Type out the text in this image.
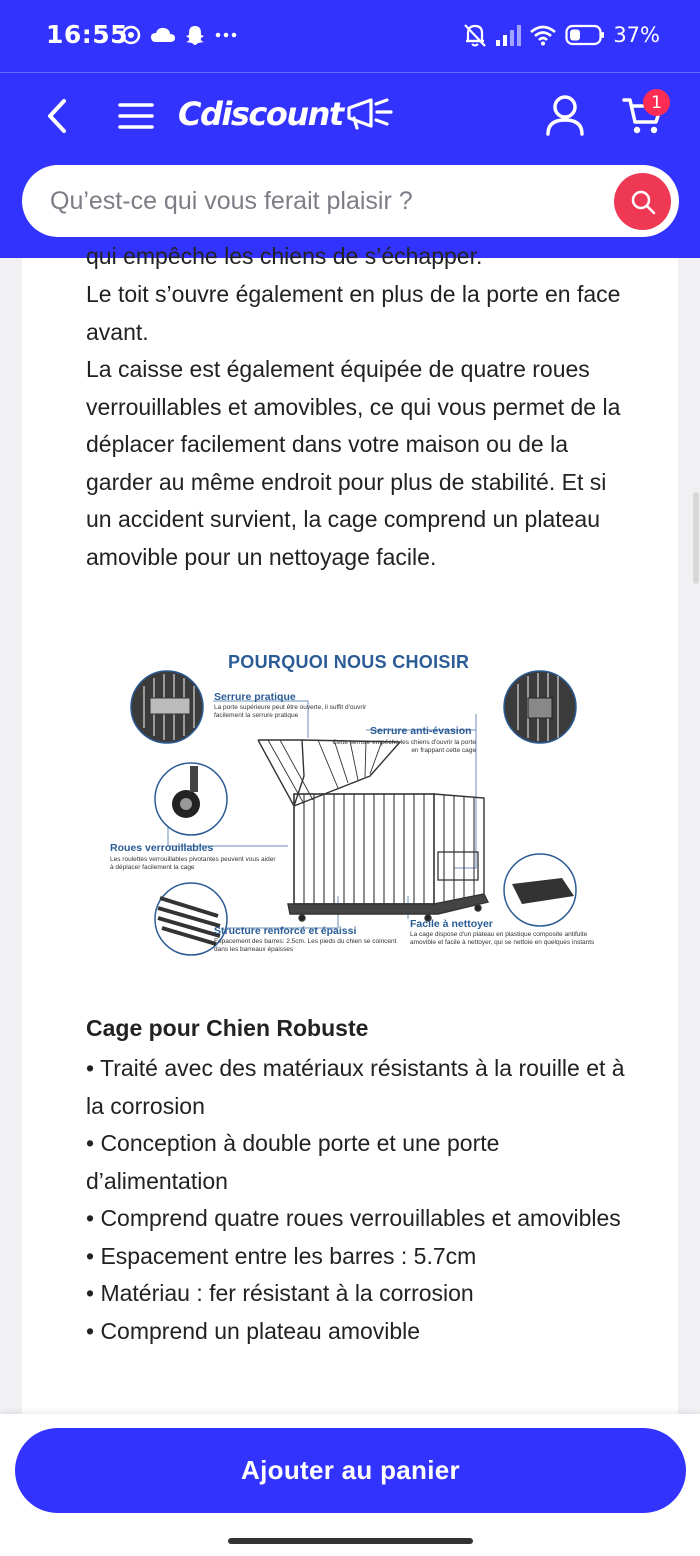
16:55	37%
Cdiscount	1
Qu’est-ce qui vous ferait plaisir ?

qui empêche les chiens de s’échapper.

Le toit s’ouvre également en plus de la porte en face avant.

La caisse est également équipée de quatre roues verrouillables et amovibles, ce qui vous permet de la déplacer facilement dans votre maison ou de la garder au même endroit pour plus de stabilité. Et si un accident survient, la cage comprend un plateau amovible pour un nettoyage facile.

POURQUOI NOUS CHOISIR
Serrure pratique
La porte supérieure peut être ouverte, il suffit d'ouvrir facilement la serrure pratique
Serrure anti-évasion
Cette serrure empêche les chiens d'ouvrir la porte en frappant cette cage
Roues verrouillables
Les roulettes verrouillables pivotantes peuvent vous aider à déplacer facilement la cage
Structure renforcé et épaissi
Espacement des barres: 2.5cm. Les pieds du chien se coincent dans les barreaux épaisses
Facile à nettoyer
La cage dispose d'un plateau en plastique composite antifuite amovible et facile à nettoyer, qui se nettoie en quelques instants
Cage pour Chien Robuste
• Traité avec des matériaux résistants à la rouille et à la corrosion
• Conception à double porte et une porte d’alimentation
• Comprend quatre roues verrouillables et amovibles
• Espacement entre les barres : 5.7cm
• Matériau : fer résistant à la corrosion
• Comprend un plateau amovible
Ajouter au panier
